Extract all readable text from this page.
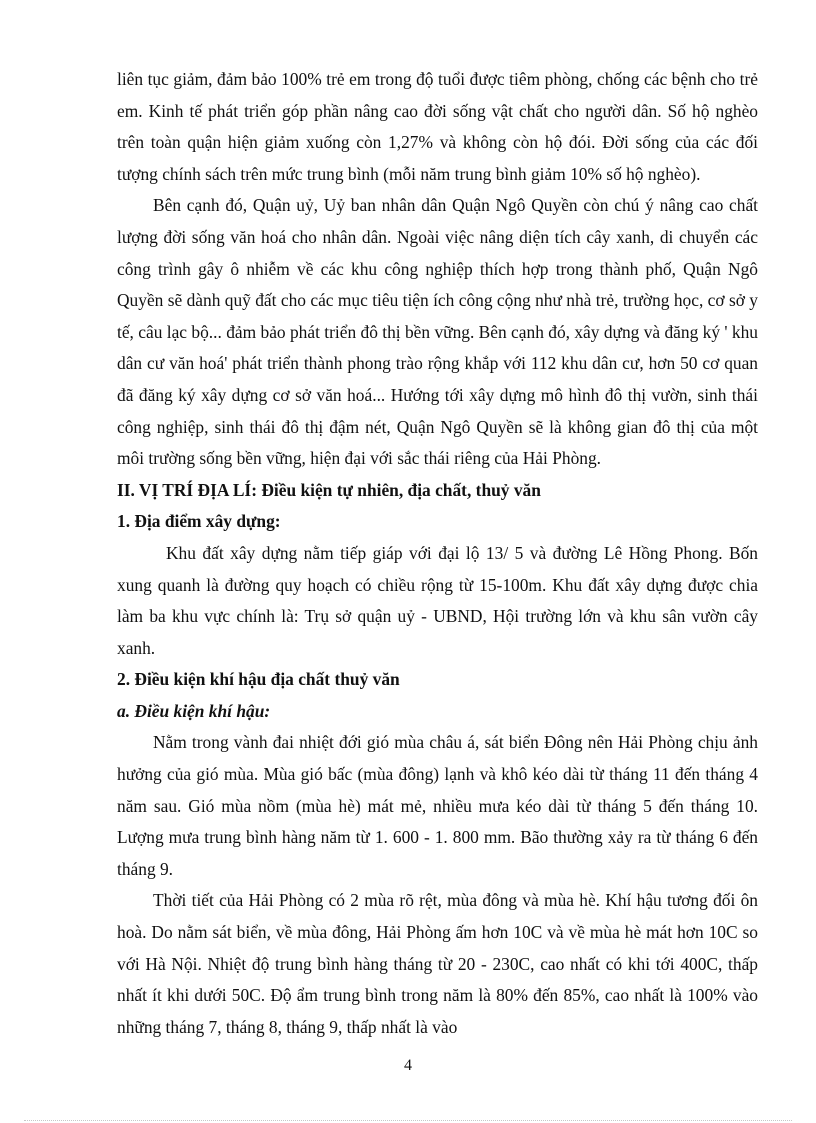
liên tục giảm, đảm bảo 100% trẻ em trong độ tuổi được tiêm phòng, chống các bệnh cho trẻ em. Kinh tế phát triển góp phần nâng cao đời sống vật chất cho người dân. Số hộ nghèo trên toàn quận hiện giảm xuống còn 1,27% và không còn hộ đói. Đời sống của các đối tượng chính sách trên mức trung bình (mỗi năm trung bình giảm 10% số hộ nghèo).

Bên cạnh đó, Quận uỷ, Uỷ ban nhân dân Quận Ngô Quyền còn chú ý nâng cao chất lượng đời sống văn hoá cho nhân dân. Ngoài việc nâng diện tích cây xanh, di chuyển các công trình gây ô nhiễm về các khu công nghiệp thích hợp trong thành phố, Quận Ngô Quyền sẽ dành quỹ đất cho các mục tiêu tiện ích công cộng như nhà trẻ, trường học, cơ sở y tế, câu lạc bộ... đảm bảo phát triển đô thị bền vững. Bên cạnh đó, xây dựng và đăng ký ' khu dân cư văn hoá' phát triển thành phong trào rộng khắp với 112 khu dân cư, hơn 50 cơ quan đã đăng ký xây dựng cơ sở văn hoá... Hướng tới xây dựng mô hình đô thị vườn, sinh thái công nghiệp, sinh thái đô thị đậm nét, Quận Ngô Quyền sẽ là không gian đô thị của một môi trường sống bền vững, hiện đại với sắc thái riêng của Hải Phòng.

II. VỊ TRÍ ĐỊA LÍ: Điều kiện tự nhiên, địa chất, thuỷ văn

1. Địa điểm xây dựng:

Khu đất xây dựng nằm tiếp giáp với đại lộ 13/ 5 và đường Lê Hồng Phong. Bốn xung quanh là đường quy hoạch có chiều rộng từ 15-100m. Khu đất xây dựng được chia làm ba khu vực chính là: Trụ sở quận uỷ - UBND, Hội trường lớn và khu sân vườn cây xanh.

2. Điều kiện khí hậu địa chất thuỷ văn

a. Điều kiện khí hậu:

Nằm trong vành đai nhiệt đới gió mùa châu á, sát biển Đông nên Hải Phòng chịu ảnh hưởng của gió mùa. Mùa gió bấc (mùa đông) lạnh và khô kéo dài từ tháng 11 đến tháng 4 năm sau. Gió mùa nồm (mùa hè) mát mẻ, nhiều mưa kéo dài từ tháng 5 đến tháng 10. Lượng mưa trung bình hàng năm từ 1. 600 - 1. 800 mm. Bão thường xảy ra từ tháng 6 đến tháng 9.

Thời tiết của Hải Phòng có 2 mùa rõ rệt, mùa đông và mùa hè. Khí hậu tương đối ôn hoà. Do nằm sát biển, về mùa đông, Hải Phòng ấm hơn 10C và về mùa hè mát hơn 10C so với Hà Nội. Nhiệt độ trung bình hàng tháng từ 20 - 230C, cao nhất có khi tới 400C, thấp nhất ít khi dưới 50C. Độ ẩm trung bình trong năm là 80% đến 85%, cao nhất là 100% vào những tháng 7, tháng 8, tháng 9, thấp nhất là vào

4
